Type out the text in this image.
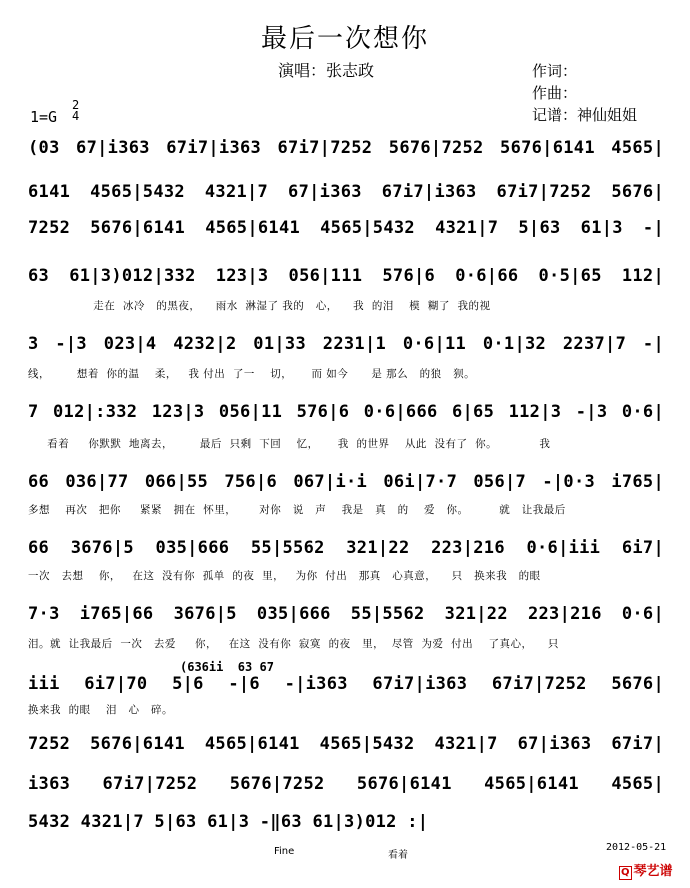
最后一次想你
演唱：张志政	作词：
作曲：
记谱：神仙姐姐
1=G
2
4
(03 67|i363 67i7|i363 67i7|7252 5676|7252 5676|6141 4565|
6141 4565|5432 4321|7 67|i363 67i7|i363 67i7|7252 5676|
7252 5676|6141 4565|6141 4565|5432 4321|7 5|63 61|3 -|
63 61|3)012|332 123|3 056|111 576|6 0·6|66 0·5|65 112|
走在  冰冷   的黑夜，    雨水  淋湿了 我的   心，    我  的泪    模  糊了  我的视
3 -|3 023|4 4232|2 01|33 2231|1 0·6|11 0·1|32 2237|7 -|
线，       想着  你的温    柔，   我 付出  了一    切，     而 如今      是 那么   的狼   狈。
7 012|:332 123|3 056|11 576|6 0·6|666 6|65 112|3 -|3 0·6|
看着     你默默  地离去，       最后  只剩  下回    忆，     我  的世界    从此  没有了  你。           我
66 036|77 066|55 756|6 067|i·i 06i|7·7 056|7 -|0·3 i765|
多想    再次   把你     紧紧   拥在  怀里，      对你   说   声    我是   真   的    爱   你。        就   让我最后
66 3676|5 035|666 55|5562 321|22 223|216 0·6|iii 6i7|
一次   去想    你，   在这  没有你  孤单  的夜  里，   为你  付出   那真   心真意，    只   换来我   的眼
7·3 i765|66 3676|5 035|666 55|5562 321|22 223|216 0·6|
泪。就  让我最后  一次   去爱     你，   在这  没有你  寂寞  的夜   里，  尽管  为爱  付出    了真心，    只
(636ii  63 67
iii 6i7|70 5|6 -|6 -|i363 67i7|i363 67i7|7252 5676|
换来我  的眼    泪   心   碎。
7252 5676|6141 4565|6141 4565|5432 4321|7 67|i363 67i7|
i363 67i7|7252 5676|7252 5676|6141 4565|6141 4565|
5432 4321|7 5|63 61|3 -‖63 61|3)012 :|
Fine	看着
2012-05-21
Q 琴艺谱
